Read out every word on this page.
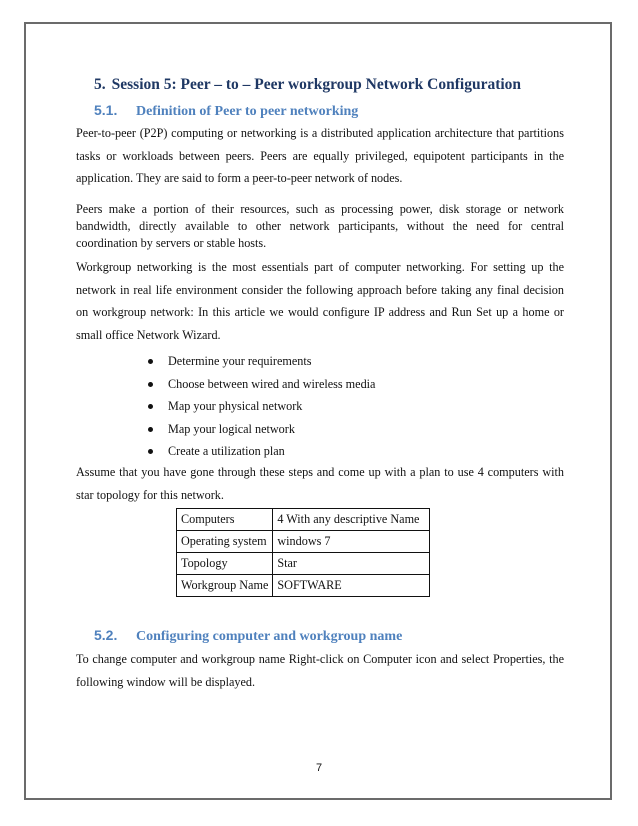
5. Session 5: Peer – to – Peer workgroup Network Configuration
5.1. Definition of Peer to peer networking

Peer-to-peer (P2P) computing or networking is a distributed application architecture that partitions tasks or workloads between peers. Peers are equally privileged, equipotent participants in the application. They are said to form a peer-to-peer network of nodes.

Peers make a portion of their resources, such as processing power, disk storage or network bandwidth, directly available to other network participants, without the need for central coordination by servers or stable hosts.

Workgroup networking is the most essentials part of computer networking. For setting up the network in real life environment consider the following approach before taking any final decision on workgroup network: In this article we would configure IP address and Run Set up a home or small office Network Wizard.

Determine your requirements
Choose between wired and wireless media
Map your physical network
Map your logical network
Create a utilization plan

Assume that you have gone through these steps and come up with a plan to use 4 computers with star topology for this network.

Computers	4 With any descriptive Name
Operating system	windows 7
Topology	Star
Workgroup Name	SOFTWARE
5.2. Configuring computer and workgroup name

To change computer and workgroup name Right-click on Computer icon and select Properties, the following window will be displayed.

7
